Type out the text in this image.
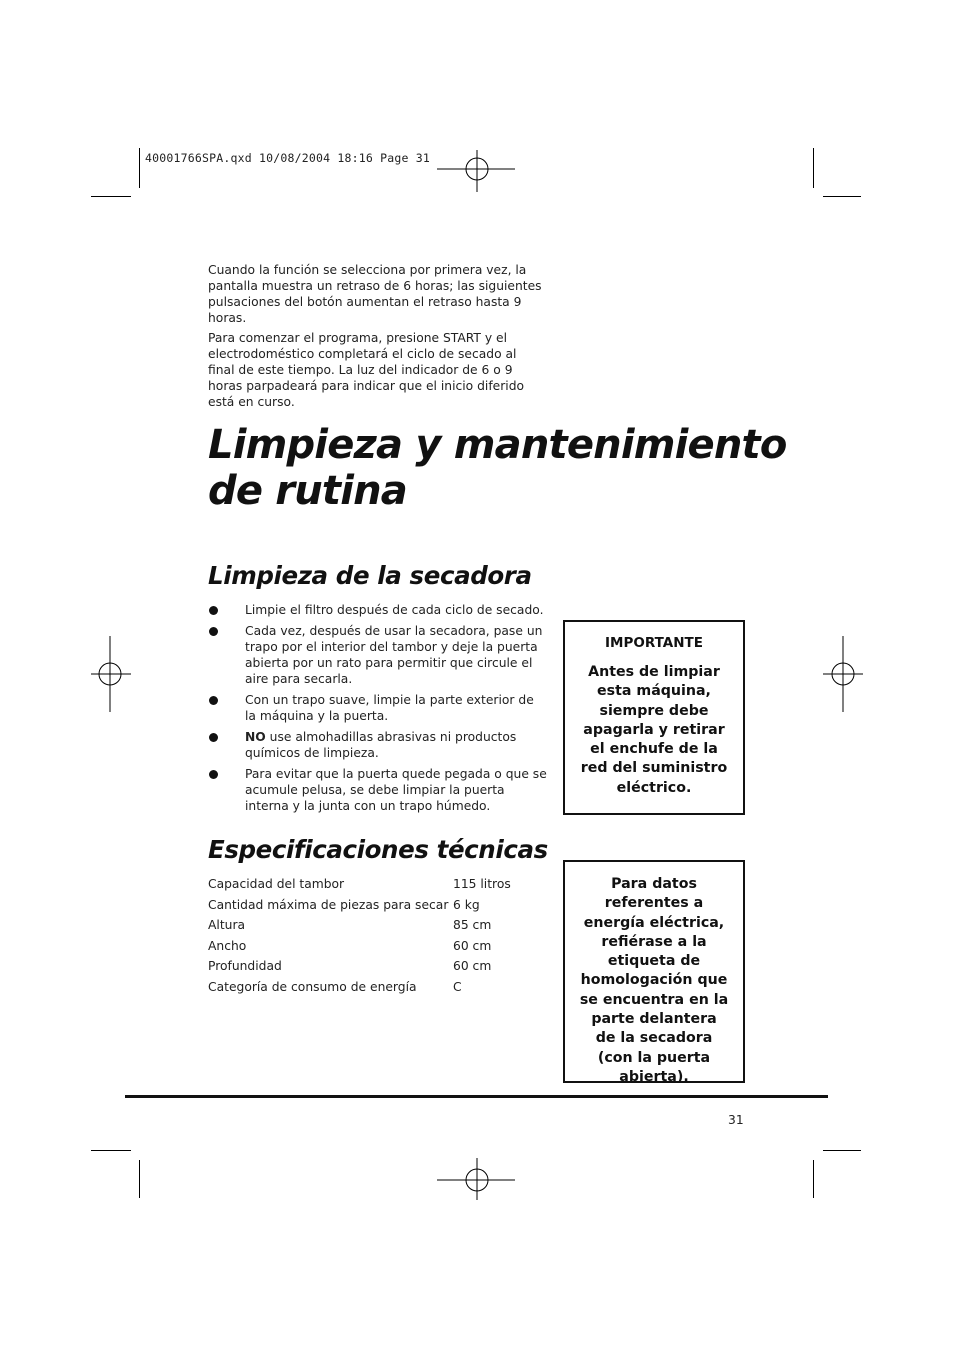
40001766SPA.qxd 10/08/2004 18:16 Page 31

Cuando la función se selecciona por primera vez, la pantalla muestra un retraso de 6 horas; las siguientes pulsaciones del botón aumentan el retraso hasta 9 horas.

Para comenzar el programa, presione START y el electrodoméstico completará el ciclo de secado al final de este tiempo. La luz del indicador de 6 o 9 horas parpadeará para indicar que el inicio diferido está en curso.

Limpieza y mantenimiento
de rutina
Limpieza de la secadora
Limpie el filtro después de cada ciclo de secado.
Cada vez, después de usar la secadora, pase un trapo por el interior del tambor y deje la puerta abierta por un rato para permitir que circule el aire para secarla.
Con un trapo suave, limpie la parte exterior de la máquina y la puerta.
NO use almohadillas abrasivas ni productos químicos de limpieza.
Para evitar que la puerta quede pegada o que se acumule pelusa, se debe limpiar la puerta interna y la junta con un trapo húmedo.
IMPORTANTE
Antes de limpiar esta máquina, siempre debe apagarla y retirar el enchufe de la red del suministro eléctrico.
Especificaciones técnicas
Capacidad del tambor	115 litros
Cantidad máxima de piezas para secar	6 kg
Altura	85 cm
Ancho	60 cm
Profundidad	60 cm
Categoría de consumo de energía	C
Para datos referentes a energía eléctrica, refiérase a la etiqueta de homologación que se encuentra en la parte delantera de la secadora (con la puerta abierta).
31
